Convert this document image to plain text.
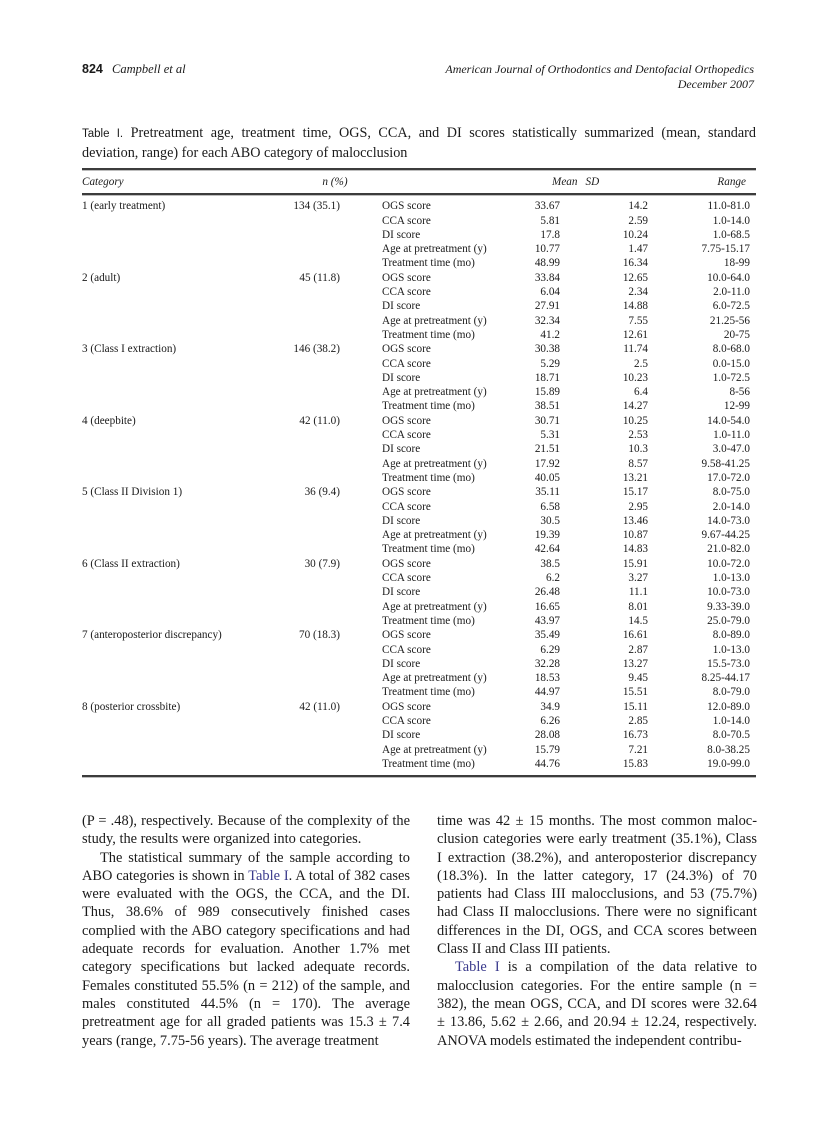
824 Campbell et al	American Journal of Orthodontics and Dentofacial Orthopedics
December 2007

Table I. Pretreatment age, treatment time, OGS, CCA, and DI scores statistically summarized (mean, standard deviation, range) for each ABO category of malocclusion

Category	n (%)		Mean	SD	Range
1 (early treatment)	134 (35.1)	OGS score	33.67	14.2	11.0-81.0
		CCA score	5.81	2.59	1.0-14.0
		DI score	17.8	10.24	1.0-68.5
		Age at pretreatment (y)	10.77	1.47	7.75-15.17
		Treatment time (mo)	48.99	16.34	18-99
2 (adult)	45 (11.8)	OGS score	33.84	12.65	10.0-64.0
		CCA score	6.04	2.34	2.0-11.0
		DI score	27.91	14.88	6.0-72.5
		Age at pretreatment (y)	32.34	7.55	21.25-56
		Treatment time (mo)	41.2	12.61	20-75
3 (Class I extraction)	146 (38.2)	OGS score	30.38	11.74	8.0-68.0
		CCA score	5.29	2.5	0.0-15.0
		DI score	18.71	10.23	1.0-72.5
		Age at pretreatment (y)	15.89	6.4	8-56
		Treatment time (mo)	38.51	14.27	12-99
4 (deepbite)	42 (11.0)	OGS score	30.71	10.25	14.0-54.0
		CCA score	5.31	2.53	1.0-11.0
		DI score	21.51	10.3	3.0-47.0
		Age at pretreatment (y)	17.92	8.57	9.58-41.25
		Treatment time (mo)	40.05	13.21	17.0-72.0
5 (Class II Division 1)	36 (9.4)	OGS score	35.11	15.17	8.0-75.0
		CCA score	6.58	2.95	2.0-14.0
		DI score	30.5	13.46	14.0-73.0
		Age at pretreatment (y)	19.39	10.87	9.67-44.25
		Treatment time (mo)	42.64	14.83	21.0-82.0
6 (Class II extraction)	30 (7.9)	OGS score	38.5	15.91	10.0-72.0
		CCA score	6.2	3.27	1.0-13.0
		DI score	26.48	11.1	10.0-73.0
		Age at pretreatment (y)	16.65	8.01	9.33-39.0
		Treatment time (mo)	43.97	14.5	25.0-79.0
7 (anteroposterior discrepancy)	70 (18.3)	OGS score	35.49	16.61	8.0-89.0
		CCA score	6.29	2.87	1.0-13.0
		DI score	32.28	13.27	15.5-73.0
		Age at pretreatment (y)	18.53	9.45	8.25-44.17
		Treatment time (mo)	44.97	15.51	8.0-79.0
8 (posterior crossbite)	42 (11.0)	OGS score	34.9	15.11	12.0-89.0
		CCA score	6.26	2.85	1.0-14.0
		DI score	28.08	16.73	8.0-70.5
		Age at pretreatment (y)	15.79	7.21	8.0-38.25
		Treatment time (mo)	44.76	15.83	19.0-99.0

(P = .48), respectively. Because of the complexity of the study, the results were organized into categories.

The statistical summary of the sample according to ABO categories is shown in Table I. A total of 382 cases were evaluated with the OGS, the CCA, and the DI. Thus, 38.6% of 989 consecutively finished cases complied with the ABO category specifications and had adequate records for evaluation. Another 1.7% met category specifications but lacked adequate records. Females constituted 55.5% (n = 212) of the sample, and males constituted 44.5% (n = 170). The average pretreatment age for all graded patients was 15.3 ± 7.4 years (range, 7.75-56 years). The average treatment

time was 42 ± 15 months. The most common malocclusion categories were early treatment (35.1%), Class I extraction (38.2%), and anteroposterior discrepancy (18.3%). In the latter category, 17 (24.3%) of 70 patients had Class III malocclusions, and 53 (75.7%) had Class II malocclusions. There were no significant differences in the DI, OGS, and CCA scores between Class II and Class III patients.

Table I is a compilation of the data relative to malocclusion categories. For the entire sample (n = 382), the mean OGS, CCA, and DI scores were 32.64 ± 13.86, 5.62 ± 2.66, and 20.94 ± 12.24, respectively. ANOVA models estimated the independent contribu-
